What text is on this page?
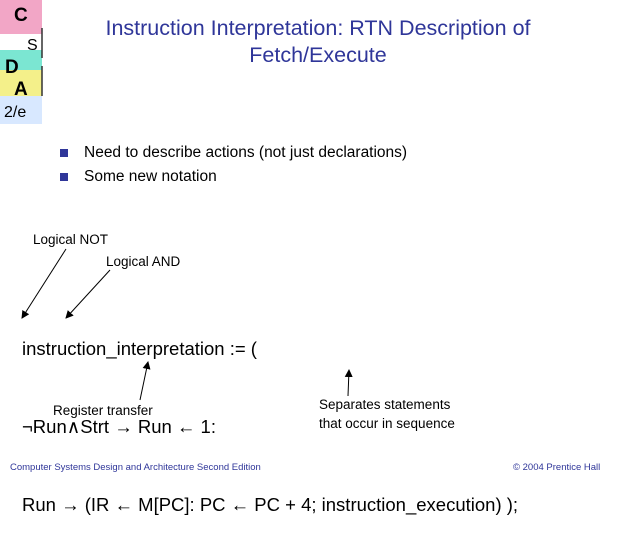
C
S
D
A
2/e
Instruction Interpretation: RTN Description of
Fetch/Execute
Need to describe actions (not just declarations)
Some new notation
Logical NOT
Logical AND
Register transfer	Separates statements
that occur in sequence

instruction_interpretation := (

¬Run∧Strt → Run ← 1:

Run → (IR ← M[PC]: PC ← PC + 4; instruction_execution) );

Computer Systems Design and Architecture Second Edition	© 2004 Prentice Hall
